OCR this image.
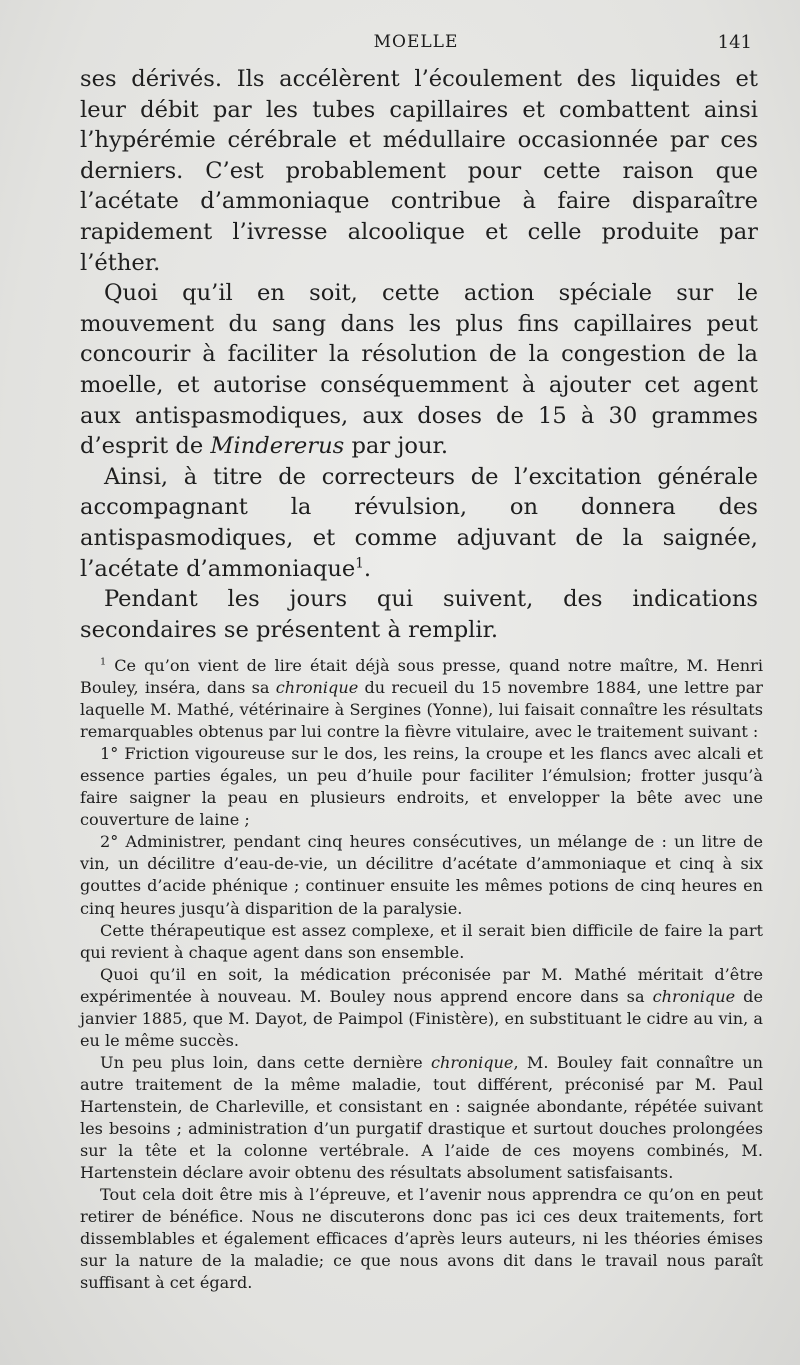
MOELLE	141

ses dérivés. Ils accélèrent l’écoulement des liquides et leur débit par les tubes capillaires et combattent ainsi l’hypérémie cérébrale et médullaire occasionnée par ces derniers. C’est probablement pour cette raison que l’acétate d’ammoniaque contribue à faire disparaître rapidement l’ivresse alcoolique et celle produite par l’éther.

Quoi qu’il en soit, cette action spéciale sur le mouvement du sang dans les plus fins capillaires peut concourir à faciliter la résolution de la congestion de la moelle, et autorise conséquemment à ajouter cet agent aux antispasmodiques, aux doses de 15 à 30 grammes d’esprit de Mindererus par jour.

Ainsi, à titre de correcteurs de l’excitation générale accompagnant la révulsion, on donnera des antispasmodiques, et comme adjuvant de la saignée, l’acétate d’ammoniaque$^1$.

Pendant les jours qui suivent, des indications secondaires se présentent à remplir.

$^1$ Ce qu’on vient de lire était déjà sous presse, quand notre maître, M. Henri Bouley, inséra, dans sa chronique du recueil du 15 novembre 1884, une lettre par laquelle M. Mathé, vétérinaire à Sergines (Yonne), lui faisait connaître les résultats remarquables obtenus par lui contre la fièvre vitulaire, avec le traitement suivant :

1° Friction vigoureuse sur le dos, les reins, la croupe et les flancs avec alcali et essence parties égales, un peu d’huile pour faciliter l’émulsion; frotter jusqu’à faire saigner la peau en plusieurs endroits, et envelopper la bête avec une couverture de laine ;

2° Administrer, pendant cinq heures consécutives, un mélange de : un litre de vin, un décilitre d’eau-de-vie, un décilitre d’acétate d’ammoniaque et cinq à six gouttes d’acide phénique ; continuer ensuite les mêmes potions de cinq heures en cinq heures jusqu’à disparition de la paralysie.

Cette thérapeutique est assez complexe, et il serait bien difficile de faire la part qui revient à chaque agent dans son ensemble.

Quoi qu’il en soit, la médication préconisée par M. Mathé méritait d’être expérimentée à nouveau. M. Bouley nous apprend encore dans sa chronique de janvier 1885, que M. Dayot, de Paimpol (Finistère), en substituant le cidre au vin, a eu le même succès.

Un peu plus loin, dans cette dernière chronique, M. Bouley fait connaître un autre traitement de la même maladie, tout différent, préconisé par M. Paul Hartenstein, de Charleville, et consistant en : saignée abondante, répétée suivant les besoins ; administration d’un purgatif drastique et surtout douches prolongées sur la tête et la colonne vertébrale. A l’aide de ces moyens combinés, M. Hartenstein déclare avoir obtenu des résultats absolument satisfaisants.

Tout cela doit être mis à l’épreuve, et l’avenir nous apprendra ce qu’on en peut retirer de bénéfice. Nous ne discuterons donc pas ici ces deux traitements, fort dissemblables et également efficaces d’après leurs auteurs, ni les théories émises sur la nature de la maladie; ce que nous avons dit dans le travail nous paraît suffisant à cet égard.
